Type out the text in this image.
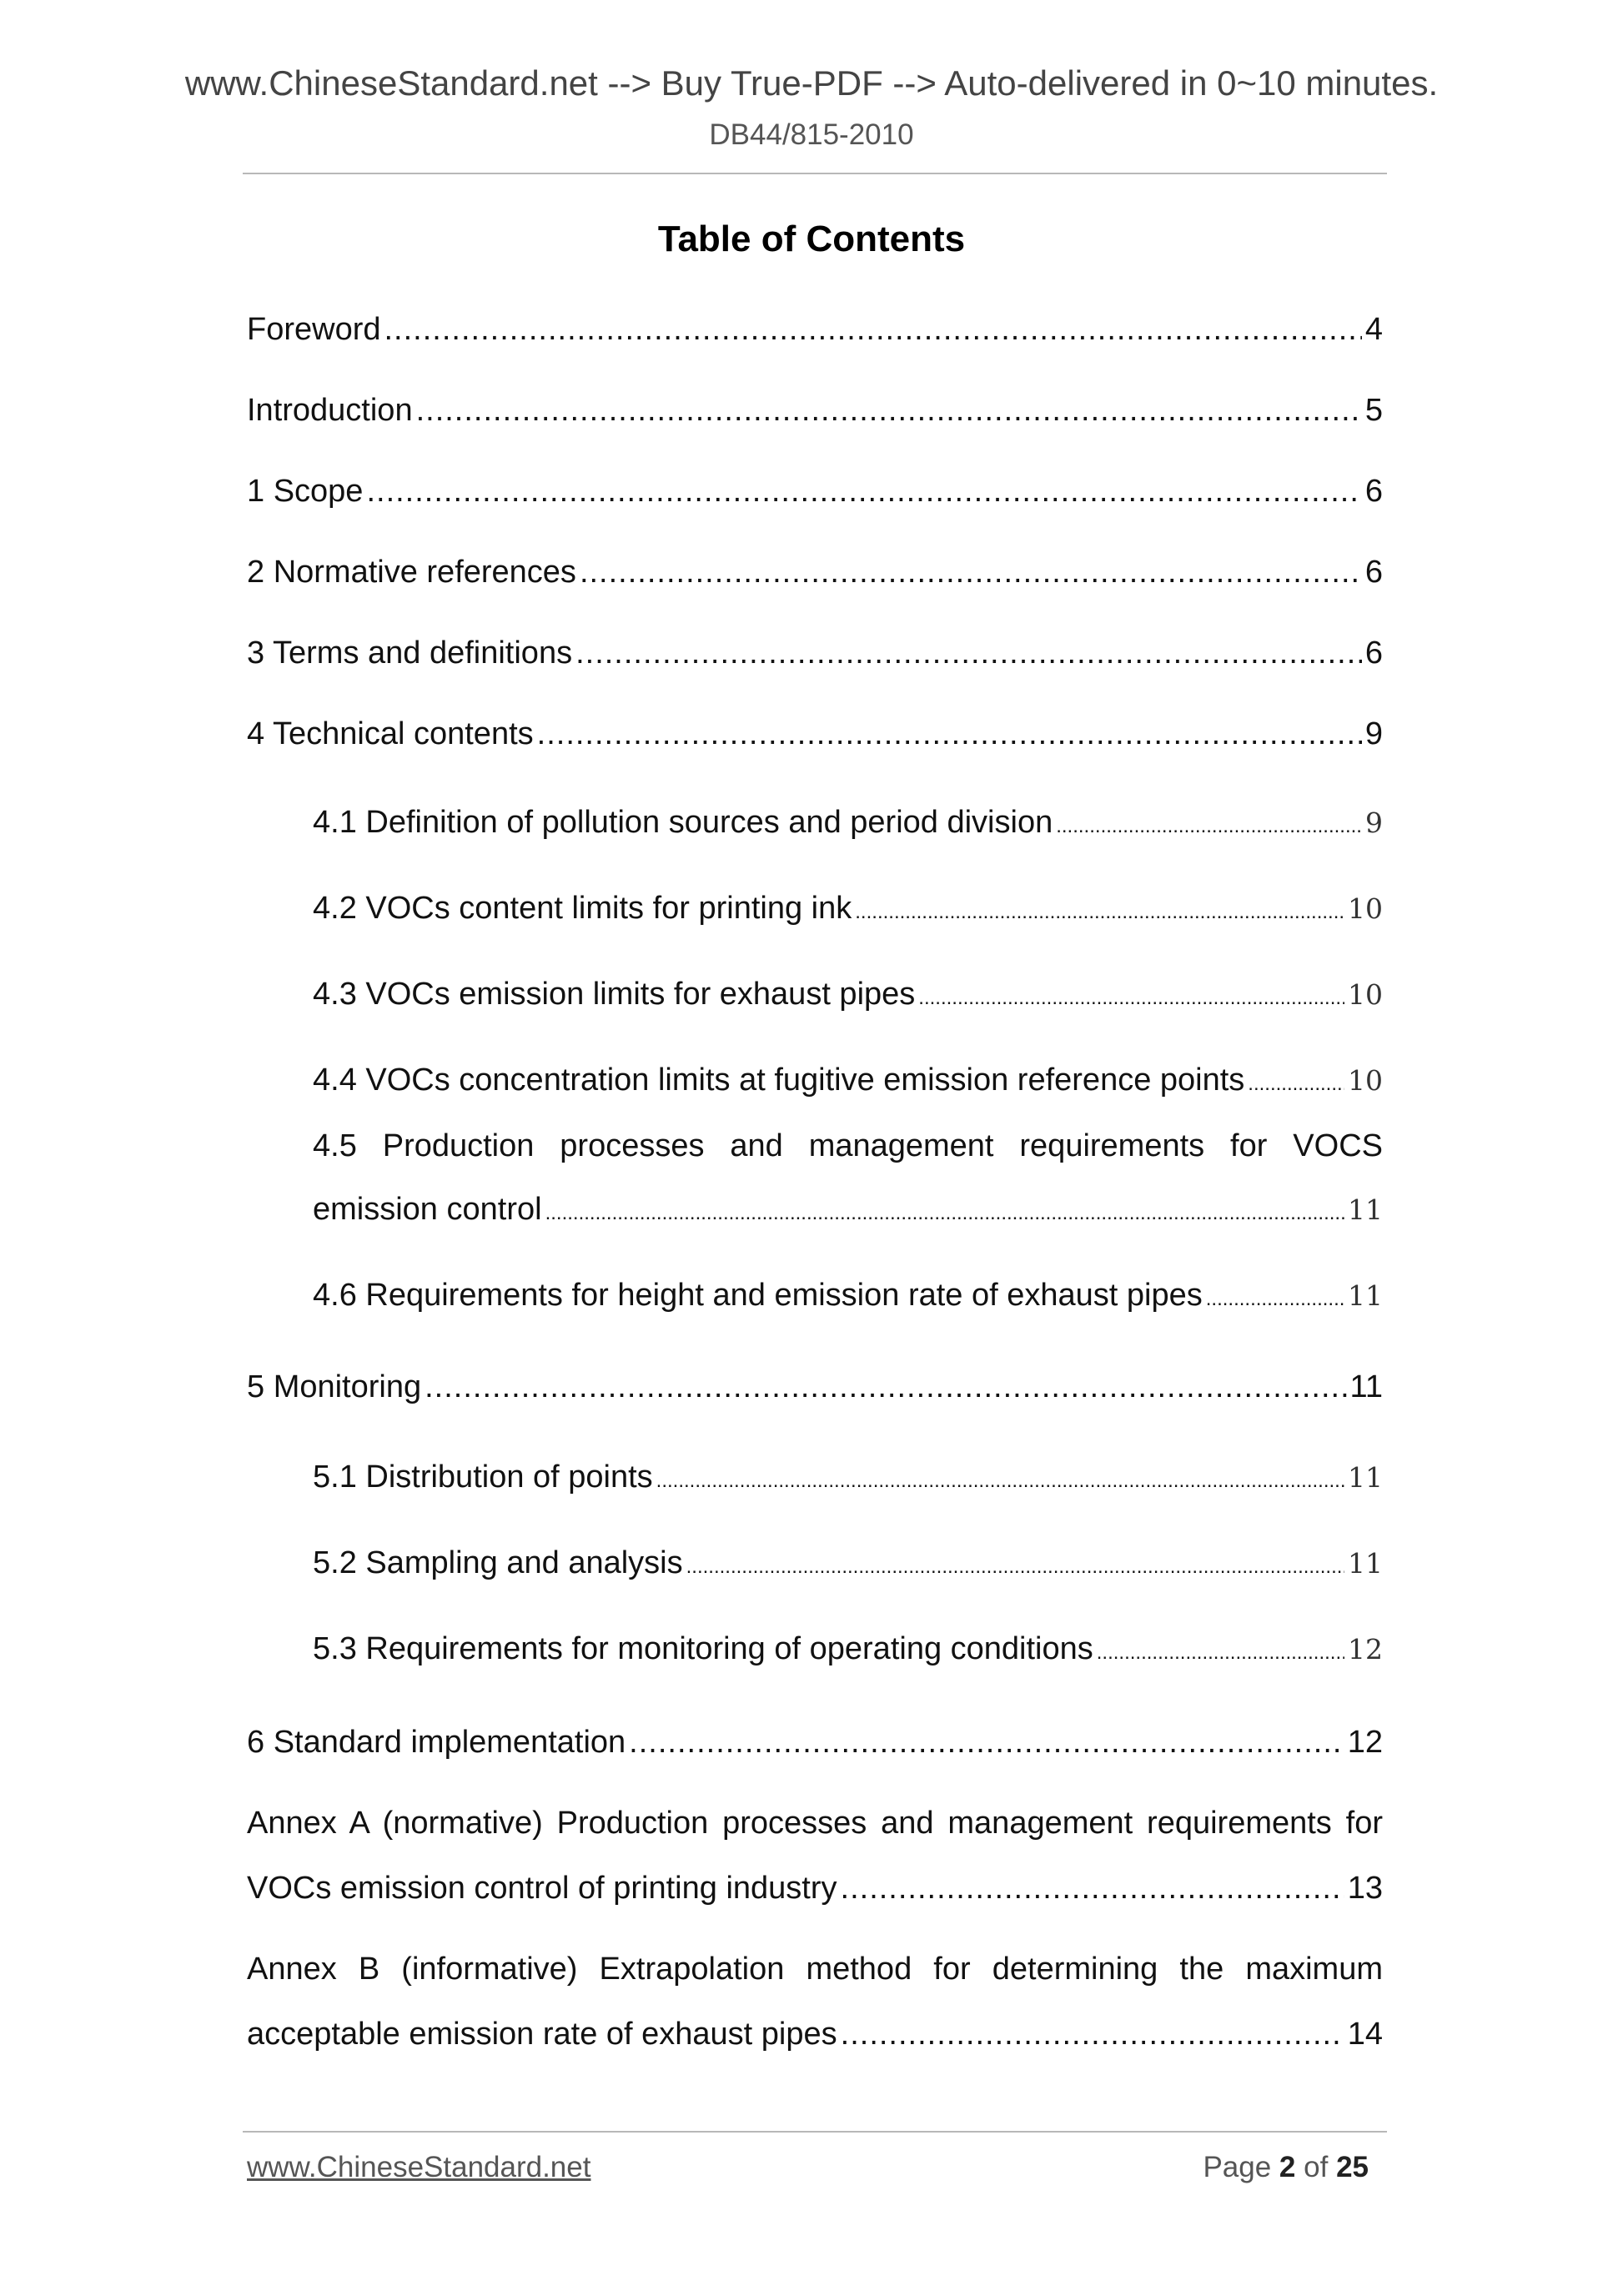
www.ChineseStandard.net --> Buy True-PDF --> Auto-delivered in 0~10 minutes.
DB44/815-2010
Table of Contents
Foreword .....	4
Introduction .....	5
1 Scope .....	6
2 Normative references .....	6
3 Terms and definitions .....	6
4 Technical contents .....	9
4.1 Definition of pollution sources and period division .....	9
4.2 VOCs content limits for printing ink .....	10
4.3 VOCs emission limits for exhaust pipes .....	10
4.4 VOCs concentration limits at fugitive emission reference points .....	10
4.5 Production processes and management requirements for VOCS
emission control .....	11
4.6 Requirements for height and emission rate of exhaust pipes .....	11
5 Monitoring .....	11
5.1 Distribution of points .....	11
5.2 Sampling and analysis .....	11
5.3 Requirements for monitoring of operating conditions .....	12
6 Standard implementation .....	12
Annex A (normative) Production processes and management requirements for
VOCs emission control of printing industry .....	13
Annex B (informative) Extrapolation method for determining the maximum
acceptable emission rate of exhaust pipes .....	14
www.ChineseStandard.net	Page 2 of 25
